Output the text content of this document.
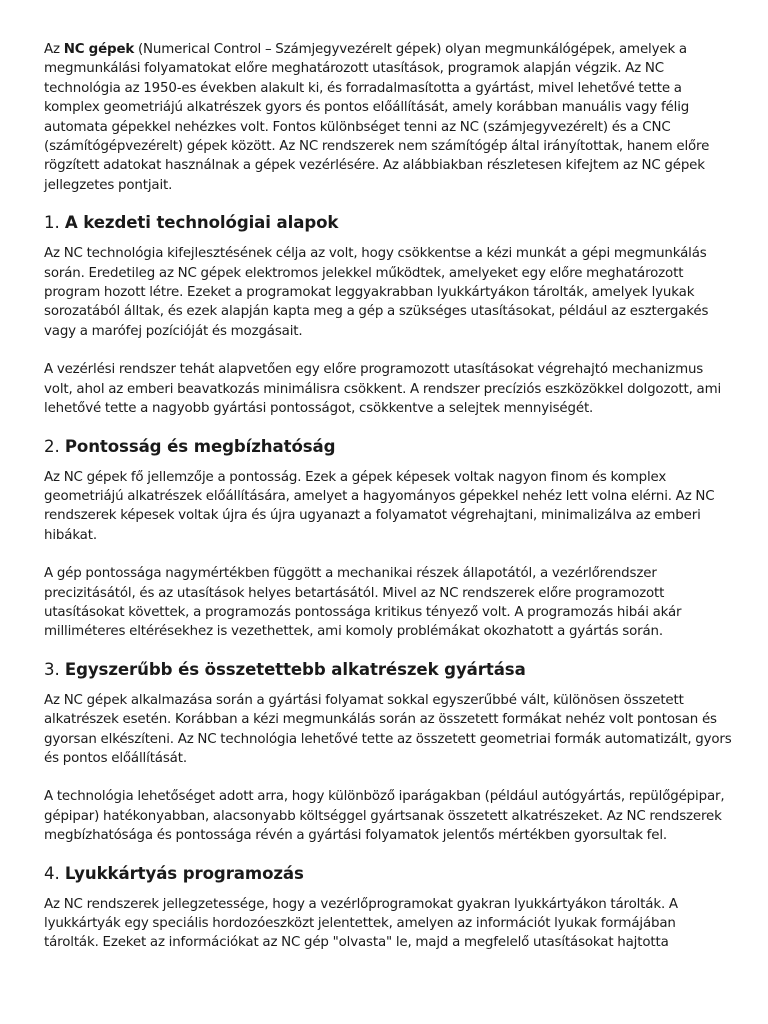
Az NC gépek (Numerical Control – Számjegyvezérelt gépek) olyan megmunkálógépek, amelyek a megmunkálási folyamatokat előre meghatározott utasítások, programok alapján végzik. Az NC technológia az 1950-es években alakult ki, és forradalmasította a gyártást, mivel lehetővé tette a komplex geometriájú alkatrészek gyors és pontos előállítását, amely korábban manuális vagy félig automata gépekkel nehézkes volt. Fontos különbséget tenni az NC (számjegyvezérelt) és a CNC (számítógépvezérelt) gépek között. Az NC rendszerek nem számítógép által irányítottak, hanem előre rögzített adatokat használnak a gépek vezérlésére. Az alábbiakban részletesen kifejtem az NC gépek jellegzetes pontjait.

1. A kezdeti technológiai alapok

Az NC technológia kifejlesztésének célja az volt, hogy csökkentse a kézi munkát a gépi megmunkálás során. Eredetileg az NC gépek elektromos jelekkel működtek, amelyeket egy előre meghatározott program hozott létre. Ezeket a programokat leggyakrabban lyukkártyákon tárolták, amelyek lyukak sorozatából álltak, és ezek alapján kapta meg a gép a szükséges utasításokat, például az esztergakés vagy a marófej pozícióját és mozgásait.

A vezérlési rendszer tehát alapvetően egy előre programozott utasításokat végrehajtó mechanizmus volt, ahol az emberi beavatkozás minimálisra csökkent. A rendszer precíziós eszközökkel dolgozott, ami lehetővé tette a nagyobb gyártási pontosságot, csökkentve a selejtek mennyiségét.

2. Pontosság és megbízhatóság

Az NC gépek fő jellemzője a pontosság. Ezek a gépek képesek voltak nagyon finom és komplex geometriájú alkatrészek előállítására, amelyet a hagyományos gépekkel nehéz lett volna elérni. Az NC rendszerek képesek voltak újra és újra ugyanazt a folyamatot végrehajtani, minimalizálva az emberi hibákat.

A gép pontossága nagymértékben függött a mechanikai részek állapotától, a vezérlőrendszer precizitásától, és az utasítások helyes betartásától. Mivel az NC rendszerek előre programozott utasításokat követtek, a programozás pontossága kritikus tényező volt. A programozás hibái akár milliméteres eltérésekhez is vezethettek, ami komoly problémákat okozhatott a gyártás során.

3. Egyszerűbb és összetettebb alkatrészek gyártása

Az NC gépek alkalmazása során a gyártási folyamat sokkal egyszerűbbé vált, különösen összetett alkatrészek esetén. Korábban a kézi megmunkálás során az összetett formákat nehéz volt pontosan és gyorsan elkészíteni. Az NC technológia lehetővé tette az összetett geometriai formák automatizált, gyors és pontos előállítását.

A technológia lehetőséget adott arra, hogy különböző iparágakban (például autógyártás, repülőgépipar, gépipar) hatékonyabban, alacsonyabb költséggel gyártsanak összetett alkatrészeket. Az NC rendszerek megbízhatósága és pontossága révén a gyártási folyamatok jelentős mértékben gyorsultak fel.

4. Lyukkártyás programozás

Az NC rendszerek jellegzetessége, hogy a vezérlőprogramokat gyakran lyukkártyákon tárolták. A lyukkártyák egy speciális hordozóeszközt jelentettek, amelyen az információt lyukak formájában tárolták. Ezeket az információkat az NC gép "olvasta" le, majd a megfelelő utasításokat hajtotta
